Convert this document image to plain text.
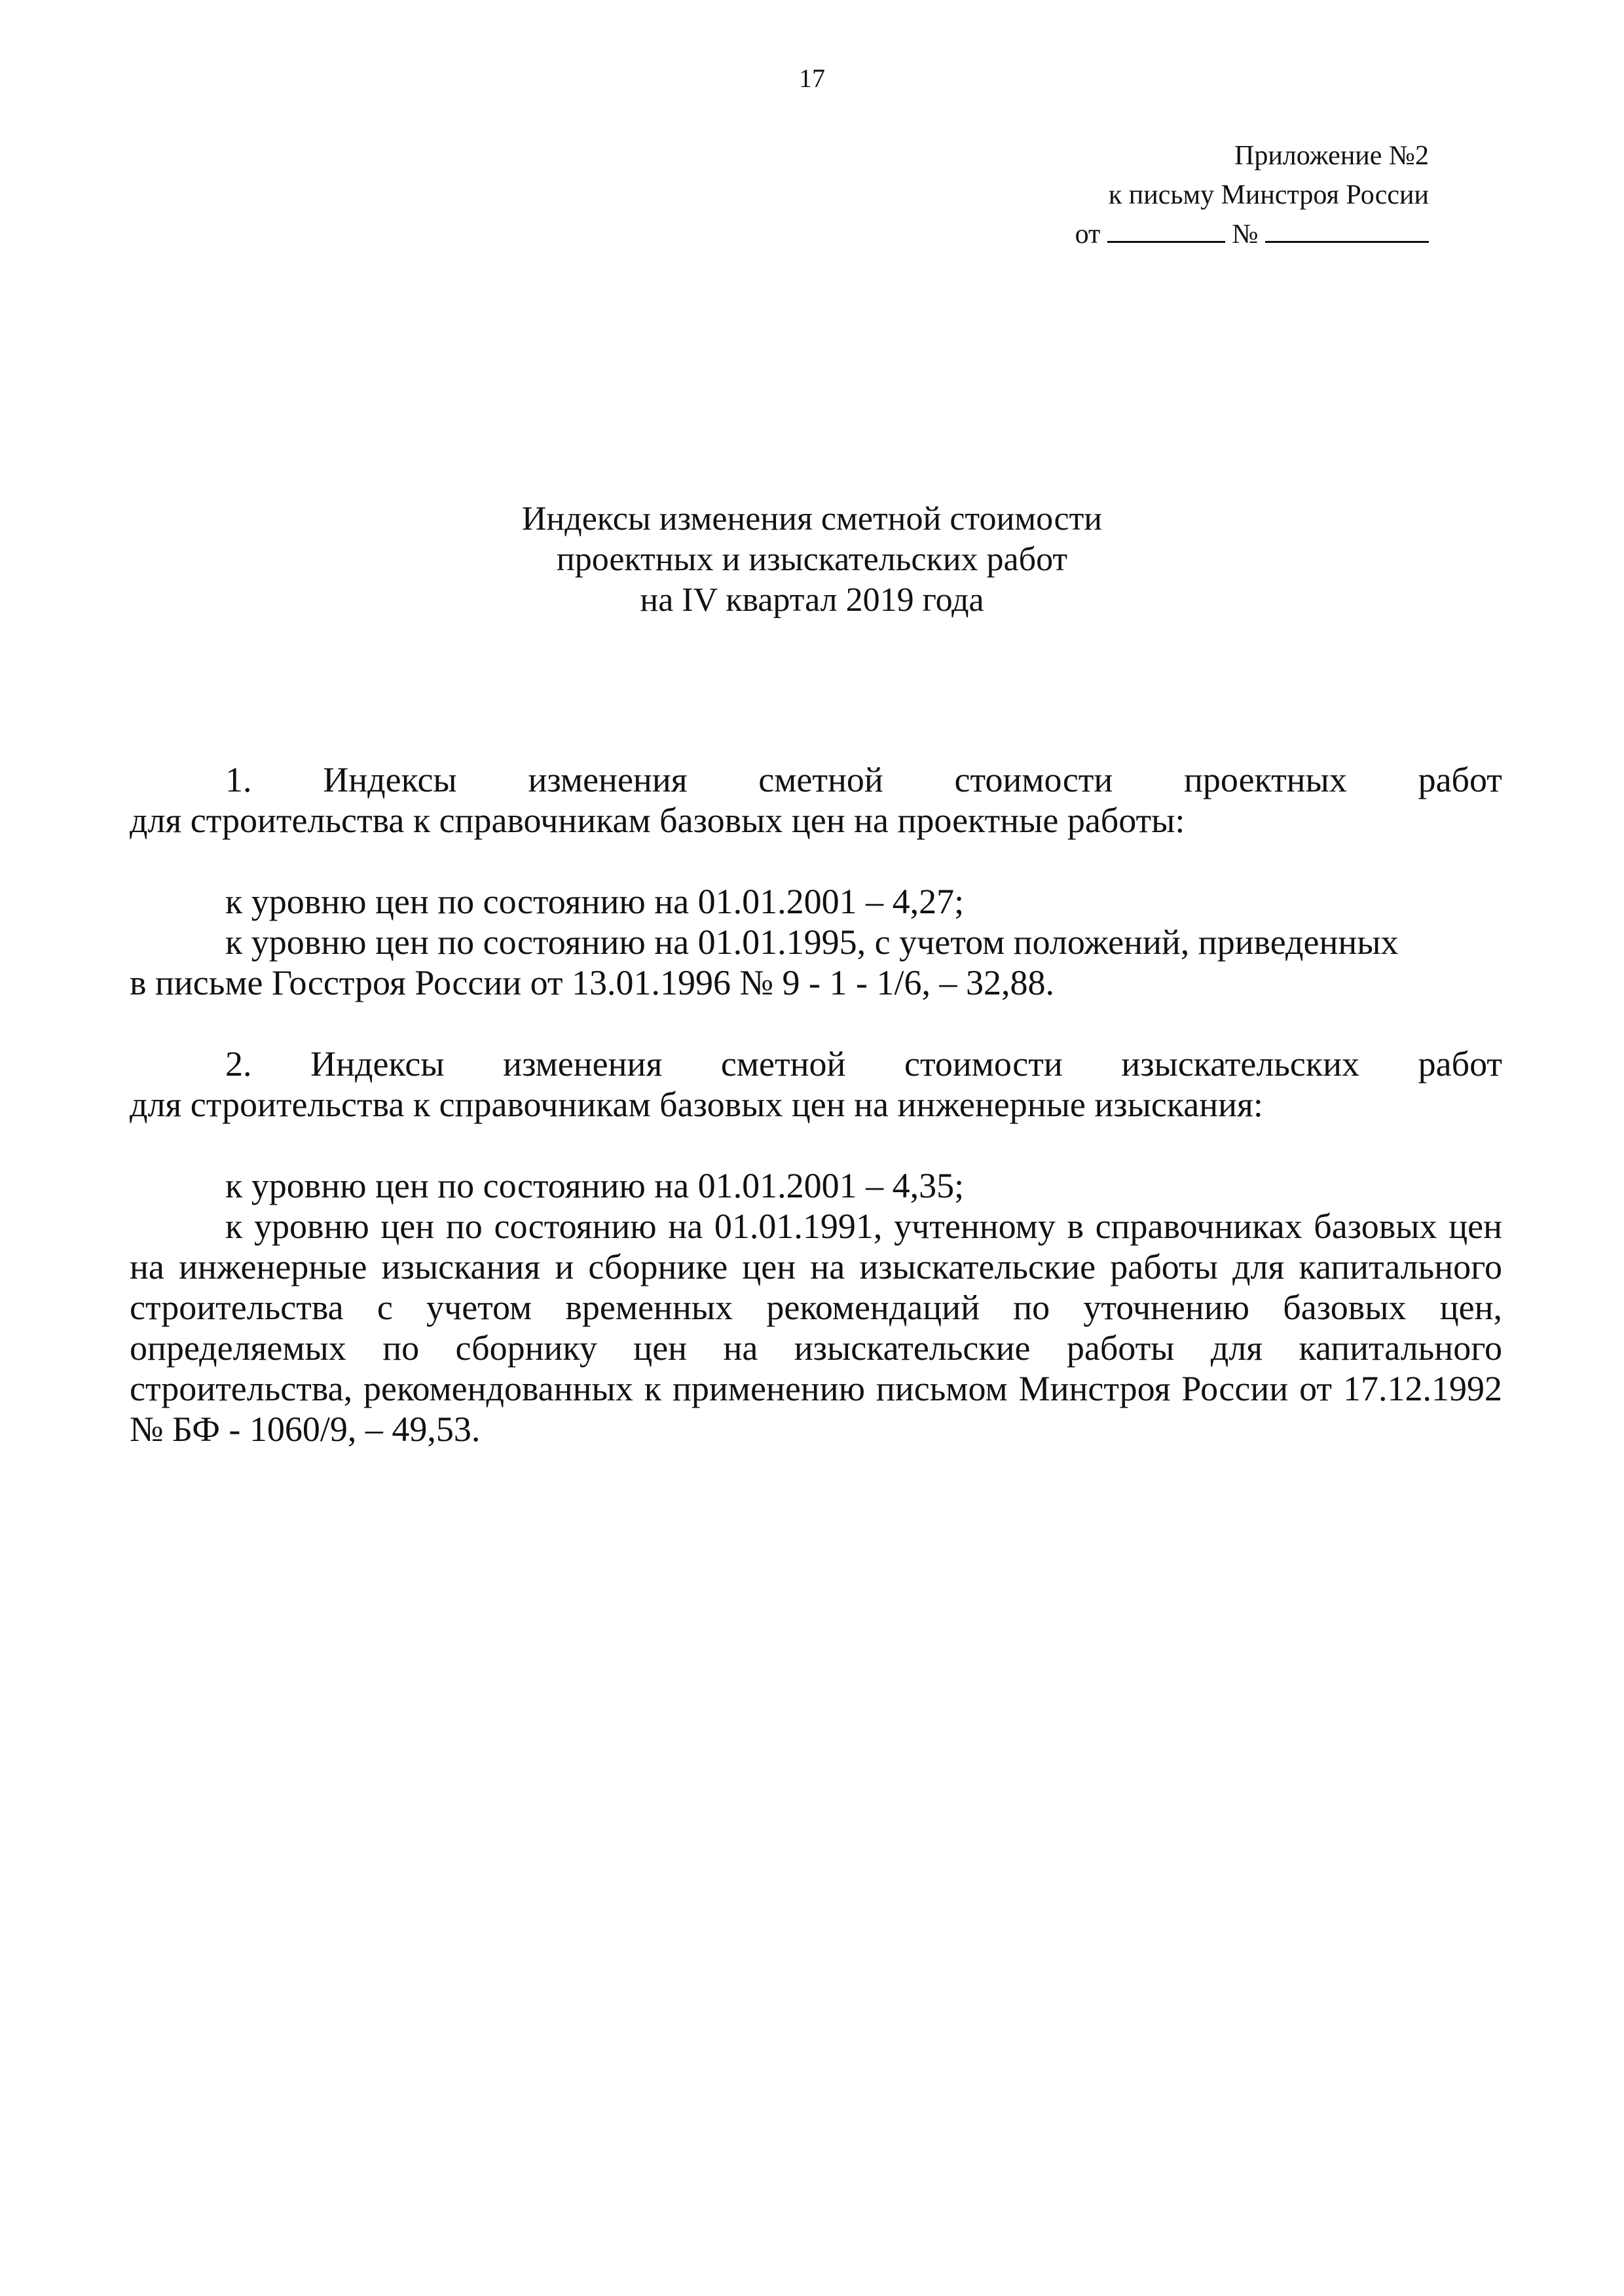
17
Приложение №2
к письму Минстроя России
от	№
Индексы изменения сметной стоимости
проектных и изыскательских работ
на IV квартал 2019 года
1. Индексы изменения сметной стоимости проектных работ

для строительства к справочникам базовых цен на проектные работы:

к уровню цен по состоянию на 01.01.2001 – 4,27;

к уровню цен по состоянию на 01.01.1995, с учетом положений, приведенных

в письме Госстроя России от 13.01.1996 № 9 - 1 - 1/6, – 32,88.

2. Индексы изменения сметной стоимости изыскательских работ

для строительства к справочникам базовых цен на инженерные изыскания:

к уровню цен по состоянию на 01.01.2001 – 4,35;

к уровню цен по состоянию на 01.01.1991, учтенному в справочниках базовых цен на инженерные изыскания и сборнике цен на изыскательские работы для капитального строительства с учетом временных рекомендаций по уточнению базовых цен, определяемых по сборнику цен на изыскательские работы для капитального строительства, рекомендованных к применению письмом Минстроя России от 17.12.1992 № БФ - 1060/9, – 49,53.
